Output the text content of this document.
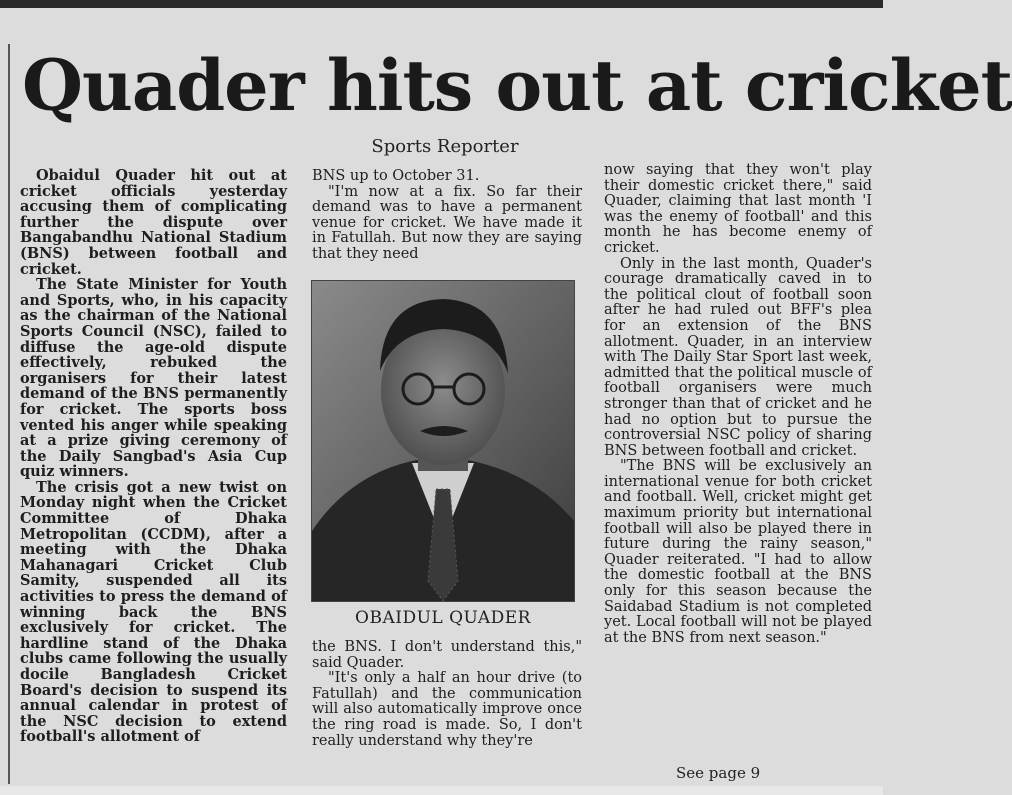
Quader hits out at cricket
Sports Reporter

Obaidul Quader hit out at cricket officials yesterday accusing them of complicating further the dispute over Bangabandhu National Stadium (BNS) between football and cricket.

The State Minister for Youth and Sports, who, in his capacity as the chairman of the National Sports Council (NSC), failed to diffuse the age-old dispute effectively, rebuked the organisers for their latest demand of the BNS permanently for cricket. The sports boss vented his anger while speaking at a prize giving ceremony of the Daily Sangbad's Asia Cup quiz winners.

The crisis got a new twist on Monday night when the Cricket Committee of Dhaka Metropolitan (CCDM), after a meeting with the Dhaka Mahanagari Cricket Club Samity, suspended all its activities to press the demand of winning back the BNS exclusively for cricket. The hardline stand of the Dhaka clubs came following the usually docile Bangladesh Cricket Board's decision to suspend its annual calendar in protest of the NSC decision to extend football's allotment of

BNS up to October 31.

"I'm now at a fix. So far their demand was to have a permanent venue for cricket. We have made it in Fatullah. But now they are saying that they need

OBAIDUL QUADER

the BNS. I don't understand this," said Quader.

"It's only a half an hour drive (to Fatullah) and the communication will also automatically improve once the ring road is made. So, I don't really understand why they're

now saying that they won't play their domestic cricket there," said Quader, claiming that last month 'I was the enemy of football' and this month he has become enemy of cricket.

Only in the last month, Quader's courage dramatically caved in to the political clout of football soon after he had ruled out BFF's plea for an extension of the BNS allotment. Quader, in an interview with The Daily Star Sport last week, admitted that the political muscle of football organisers were much stronger than that of cricket and he had no option but to pursue the controversial NSC policy of sharing BNS between football and cricket.

"The BNS will be exclusively an international venue for both cricket and football. Well, cricket might get maximum priority but international football will also be played there in future during the rainy season," Quader reiterated. "I had to allow the domestic football at the BNS only for this season because the Saidabad Stadium is not completed yet. Local football will not be played at the BNS from next season."

See page 9
